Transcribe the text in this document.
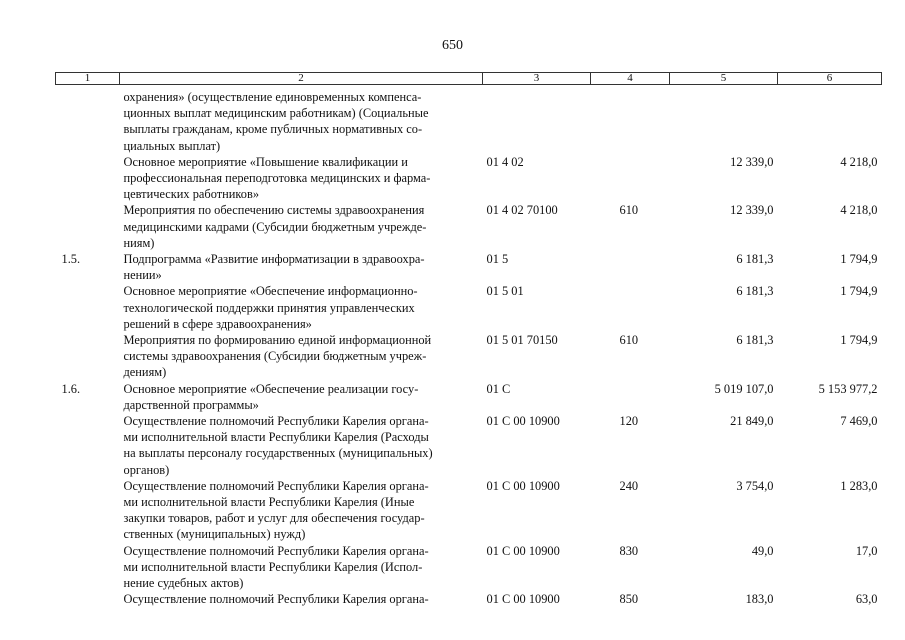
650
1	2	3	4	5	6

	охранения» (осуществление единовременных компенса-
ционных выплат медицинским работникам) (Социальные
выплаты гражданам, кроме публичных нормативных со-
циальных выплат)				

	Основное мероприятие «Повышение квалификации и
профессиональная переподготовка медицинских и фарма-
цевтических работников»	01 4 02		12 339,0	4 218,0

	Мероприятия по обеспечению системы здравоохранения
медицинскими кадрами (Субсидии бюджетным учрежде-
ниям)	01 4 02 70100	610	12 339,0	4 218,0
1.5.	Подпрограмма «Развитие информатизации в здравоохра-
нении»	01 5		6 181,3	1 794,9

	Основное мероприятие «Обеспечение информационно-
технологической поддержки принятия управленческих
решений в сфере здравоохранения»	01 5 01		6 181,3	1 794,9

	Мероприятия по формированию единой информационной
системы здравоохранения (Субсидии бюджетным учреж-
дениям)	01 5 01 70150	610	6 181,3	1 794,9
1.6.	Основное мероприятие «Обеспечение реализации госу-
дарственной программы»	01 С		5 019 107,0	5 153 977,2

	Осуществление полномочий Республики Карелия органа-
ми исполнительной власти Республики Карелия (Расходы
на выплаты персоналу государственных (муниципальных)
органов)	01 С 00 10900	120	21 849,0	7 469,0

	Осуществление полномочий Республики Карелия органа-
ми исполнительной власти Республики Карелия (Иные
закупки товаров, работ и услуг для обеспечения государ-
ственных (муниципальных) нужд)	01 С 00 10900	240	3 754,0	1 283,0

	Осуществление полномочий Республики Карелия органа-
ми исполнительной власти Республики Карелия (Испол-
нение судебных актов)	01 С 00 10900	830	49,0	17,0

	Осуществление полномочий Республики Карелия органа-	01 С 00 10900	850	183,0	63,0
